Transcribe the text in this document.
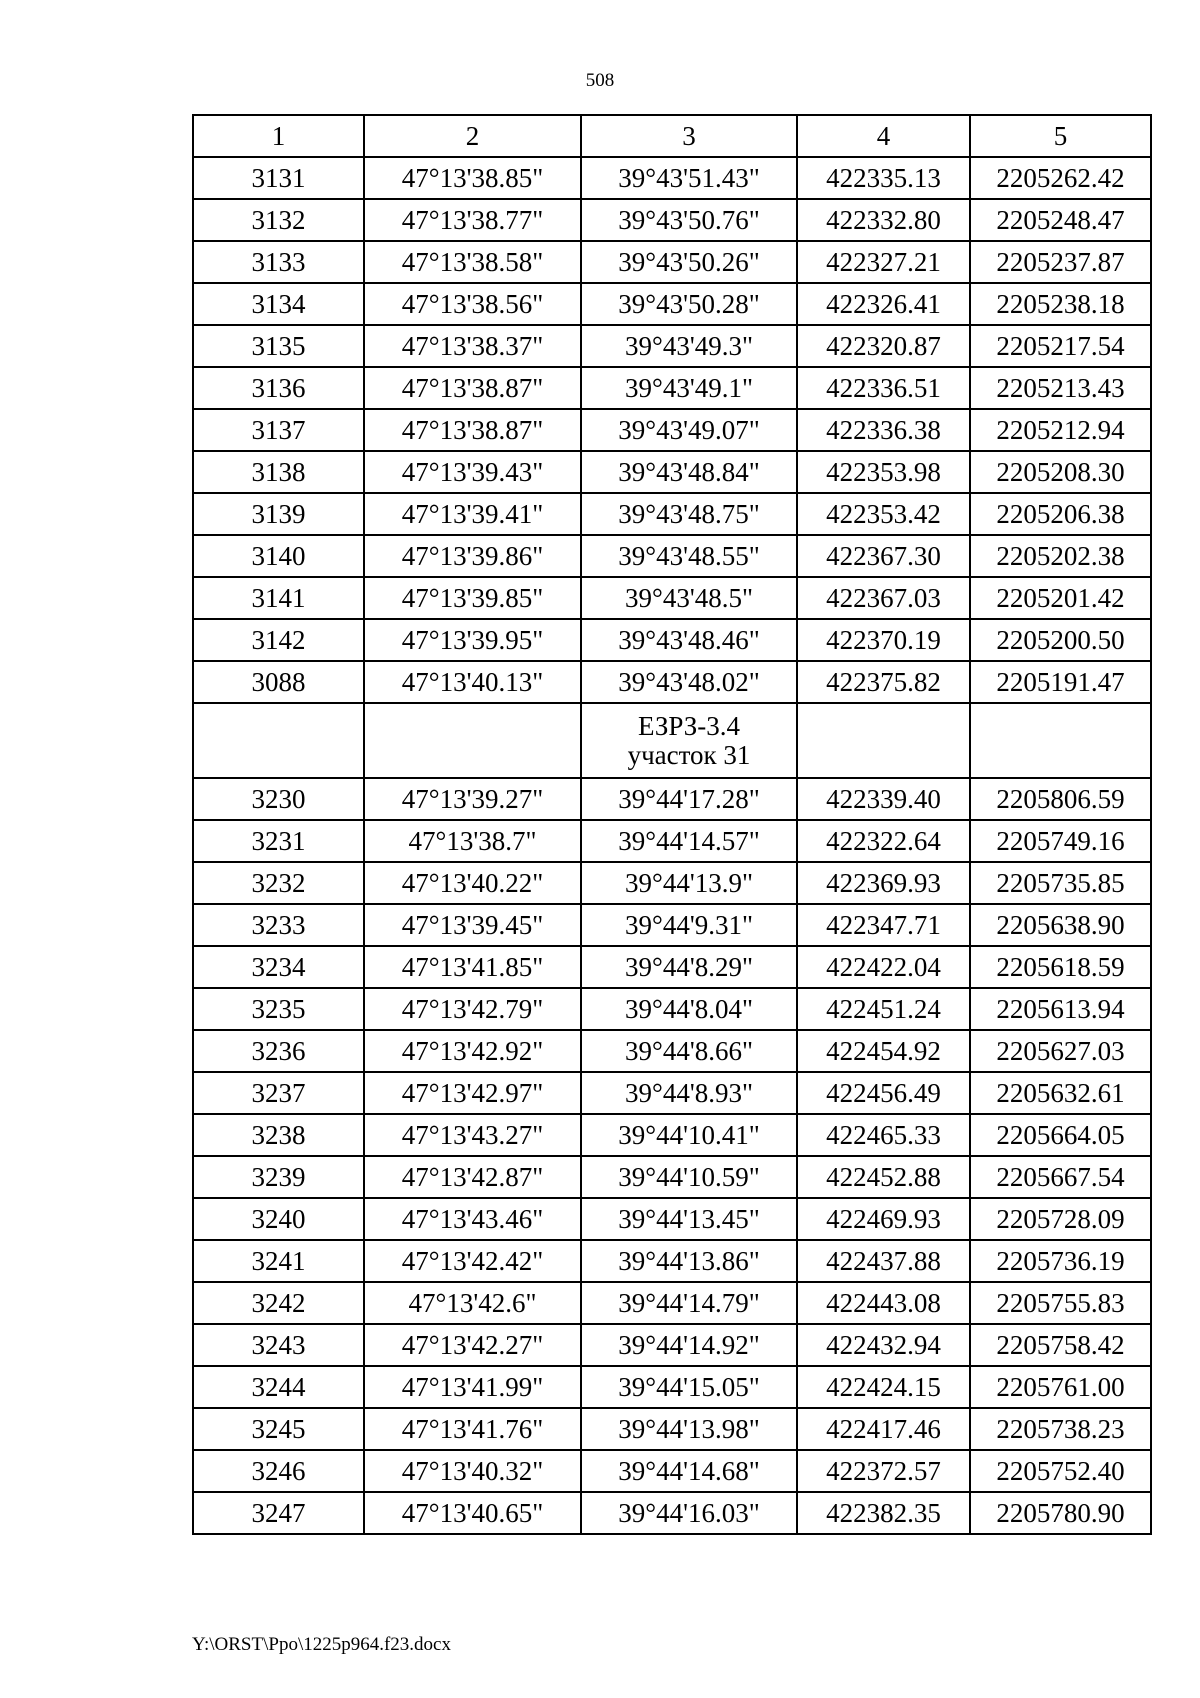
508
1	2	3	4	5
3131	47°13'38.85"	39°43'51.43"	422335.13	2205262.42
3132	47°13'38.77"	39°43'50.76"	422332.80	2205248.47
3133	47°13'38.58"	39°43'50.26"	422327.21	2205237.87
3134	47°13'38.56"	39°43'50.28"	422326.41	2205238.18
3135	47°13'38.37"	39°43'49.3"	422320.87	2205217.54
3136	47°13'38.87"	39°43'49.1"	422336.51	2205213.43
3137	47°13'38.87"	39°43'49.07"	422336.38	2205212.94
3138	47°13'39.43"	39°43'48.84"	422353.98	2205208.30
3139	47°13'39.41"	39°43'48.75"	422353.42	2205206.38
3140	47°13'39.86"	39°43'48.55"	422367.30	2205202.38
3141	47°13'39.85"	39°43'48.5"	422367.03	2205201.42
3142	47°13'39.95"	39°43'48.46"	422370.19	2205200.50
3088	47°13'40.13"	39°43'48.02"	422375.82	2205191.47

		ЕЗРЗ-3.4
участок 31		

3230	47°13'39.27"	39°44'17.28"	422339.40	2205806.59
3231	47°13'38.7"	39°44'14.57"	422322.64	2205749.16
3232	47°13'40.22"	39°44'13.9"	422369.93	2205735.85
3233	47°13'39.45"	39°44'9.31"	422347.71	2205638.90
3234	47°13'41.85"	39°44'8.29"	422422.04	2205618.59
3235	47°13'42.79"	39°44'8.04"	422451.24	2205613.94
3236	47°13'42.92"	39°44'8.66"	422454.92	2205627.03
3237	47°13'42.97"	39°44'8.93"	422456.49	2205632.61
3238	47°13'43.27"	39°44'10.41"	422465.33	2205664.05
3239	47°13'42.87"	39°44'10.59"	422452.88	2205667.54
3240	47°13'43.46"	39°44'13.45"	422469.93	2205728.09
3241	47°13'42.42"	39°44'13.86"	422437.88	2205736.19
3242	47°13'42.6"	39°44'14.79"	422443.08	2205755.83
3243	47°13'42.27"	39°44'14.92"	422432.94	2205758.42
3244	47°13'41.99"	39°44'15.05"	422424.15	2205761.00
3245	47°13'41.76"	39°44'13.98"	422417.46	2205738.23
3246	47°13'40.32"	39°44'14.68"	422372.57	2205752.40
3247	47°13'40.65"	39°44'16.03"	422382.35	2205780.90
Y:\ORST\Ppo\1225p964.f23.docx
